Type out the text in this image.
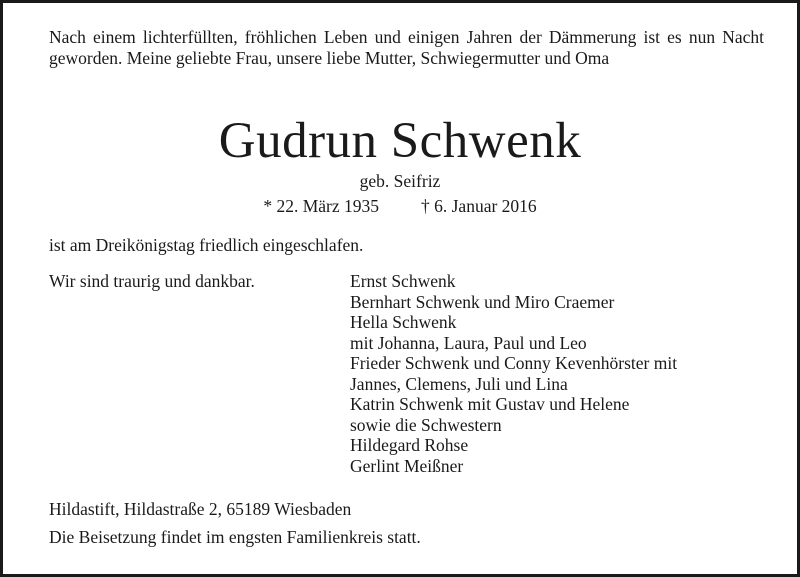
Nach einem lichterfüllten, fröhlichen Leben und einigen Jahren der Dämmerung ist es nun Nacht geworden. Meine geliebte Frau, unsere liebe Mutter, Schwiegermutter und Oma
Gudrun Schwenk
geb. Seifriz
* 22. März 1935 † 6. Januar 2016
ist am Dreikönigstag friedlich eingeschlafen.
Wir sind traurig und dankbar.	Ernst Schwenk
Bernhart Schwenk und Miro Craemer
Hella Schwenk
mit Johanna, Laura, Paul und Leo
Frieder Schwenk und Conny Kevenhörster mit
Jannes, Clemens, Juli und Lina
Katrin Schwenk mit Gustav und Helene
sowie die Schwestern
Hildegard Rohse
Gerlint Meißner
Hildastift, Hildastraße 2, 65189 Wiesbaden
Die Beisetzung findet im engsten Familienkreis statt.
